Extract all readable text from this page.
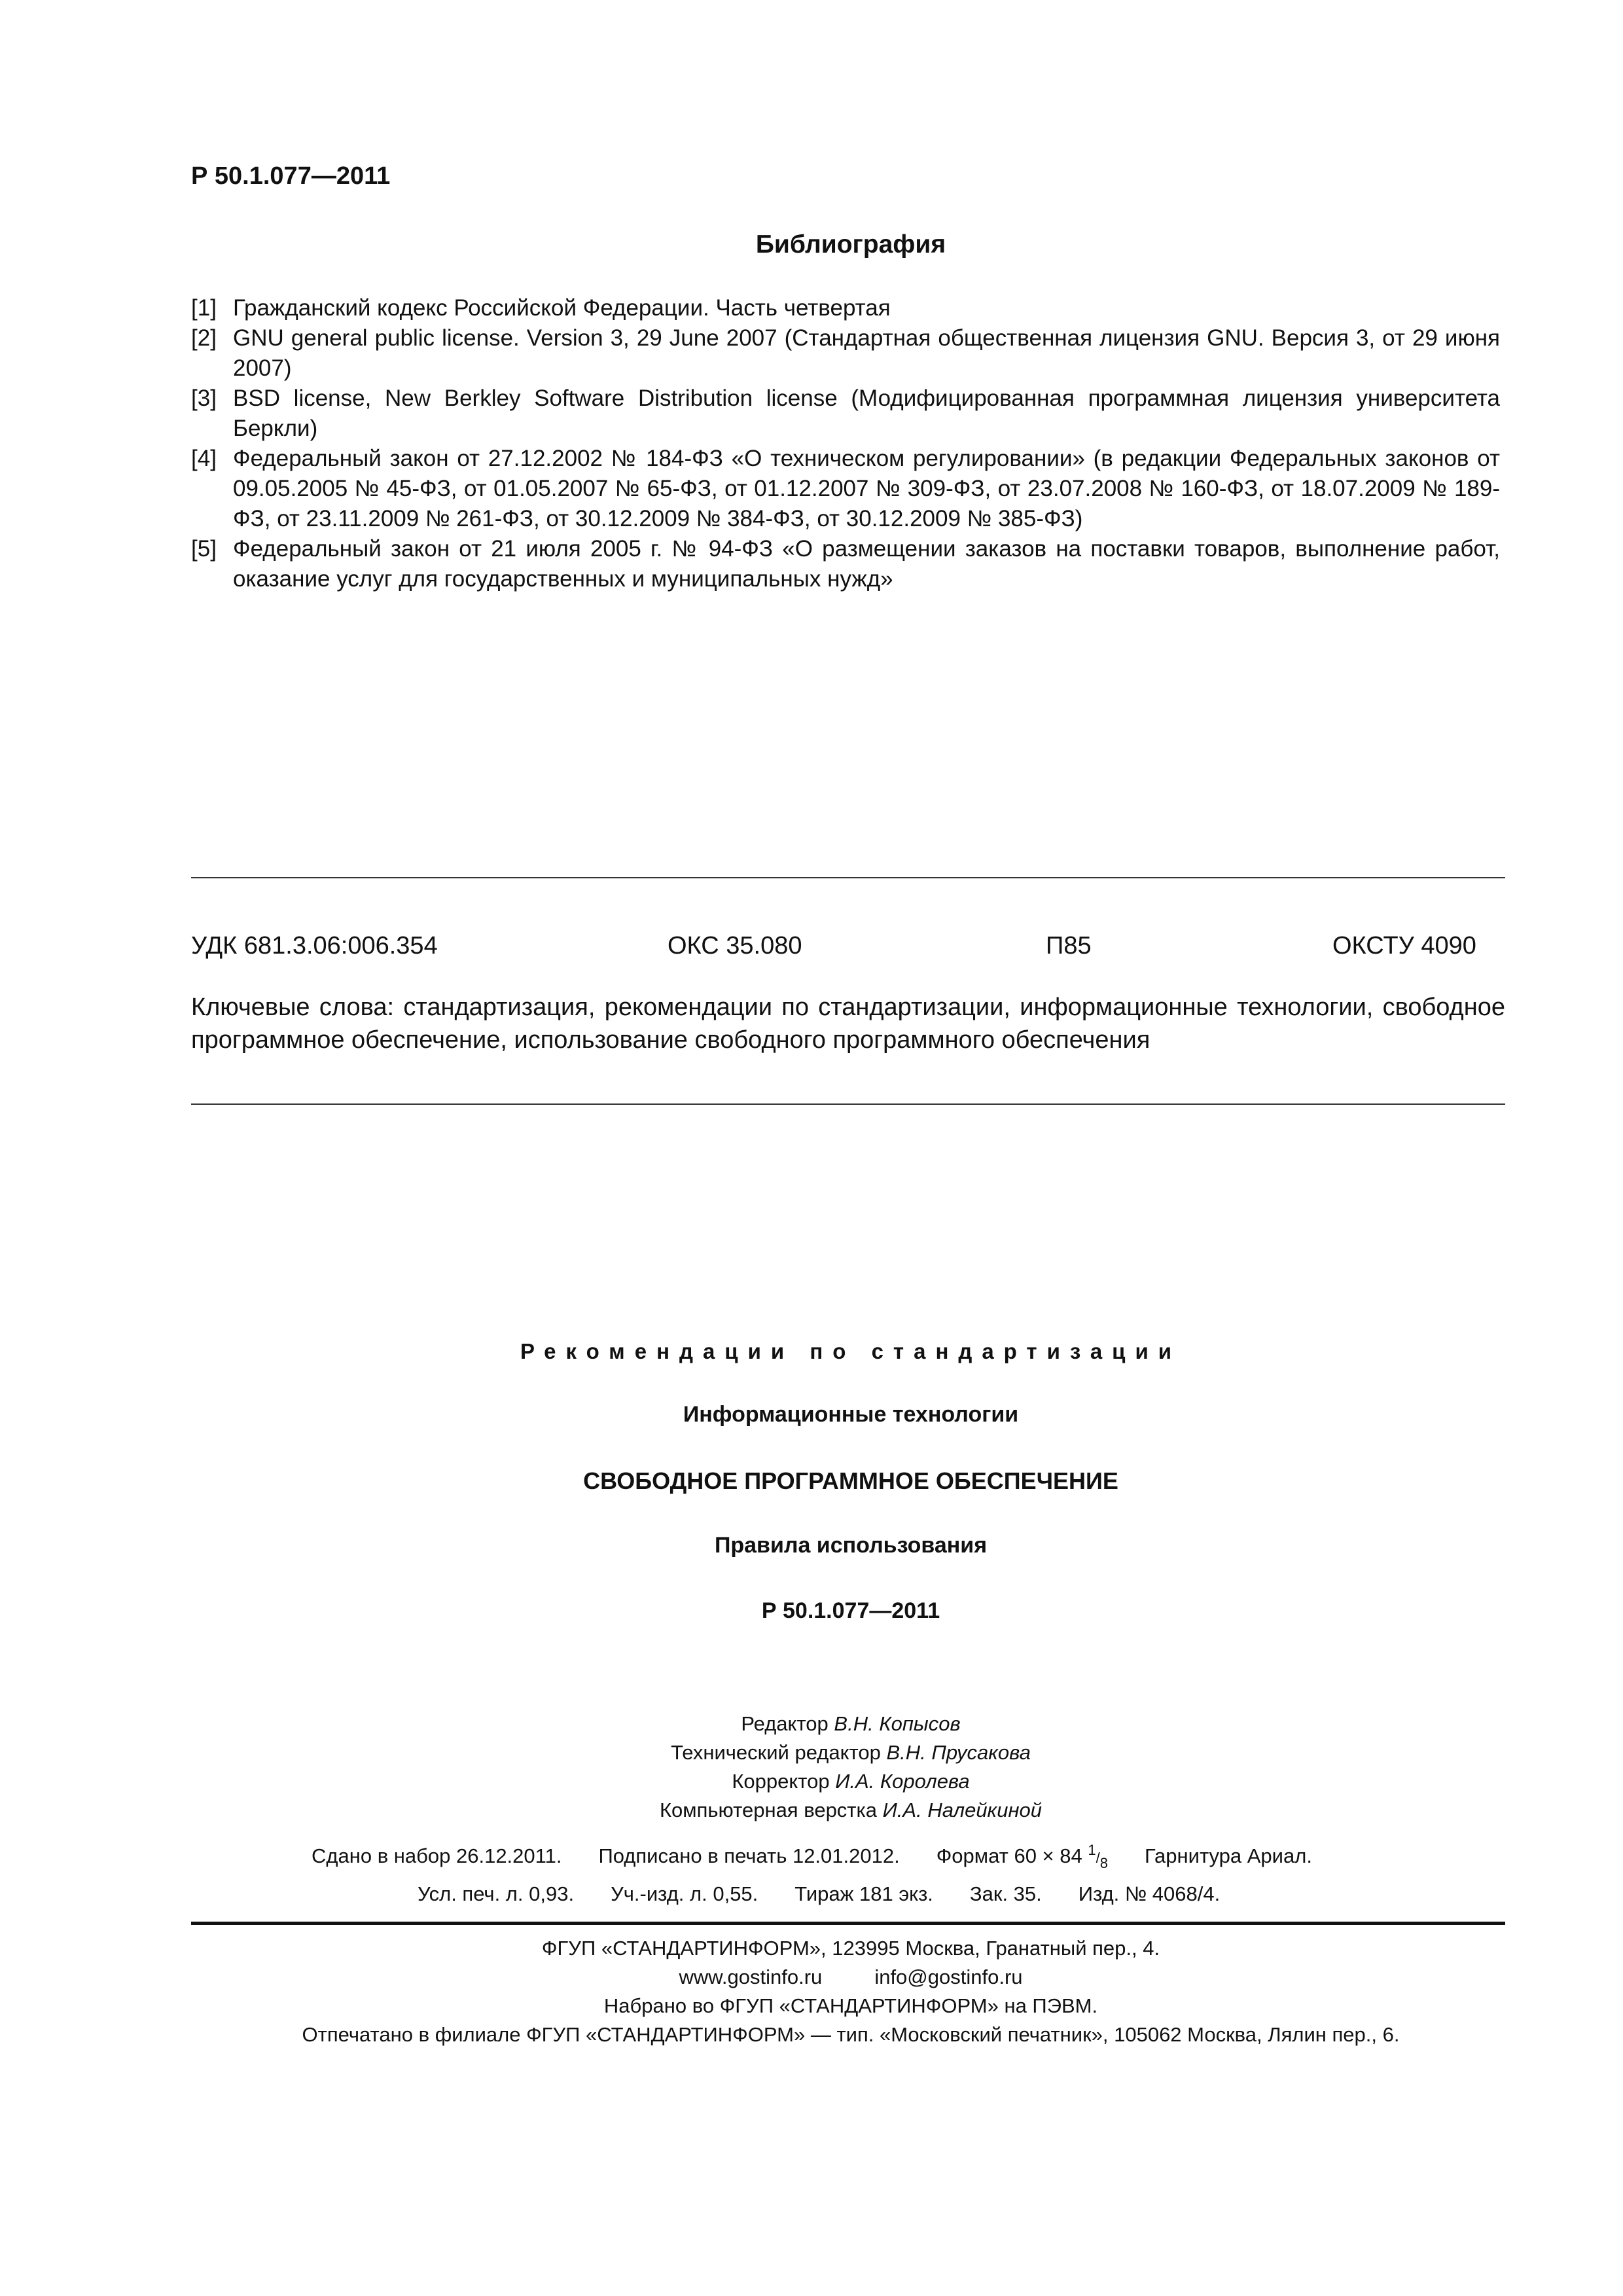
Р 50.1.077—2011
Библиография
[1] Гражданский кодекс Российской Федерации. Часть четвертая
[2] GNU general public license. Version 3, 29 June 2007 (Стандартная общественная лицензия GNU. Версия 3, от 29 июня 2007)
[3] BSD license, New Berkley Software Distribution license (Модифицированная программная лицензия университета Беркли)
[4] Федеральный закон от 27.12.2002 № 184-ФЗ «О техническом регулировании» (в редакции Федеральных законов от 09.05.2005 № 45-ФЗ, от 01.05.2007 № 65-ФЗ, от 01.12.2007 № 309-ФЗ, от 23.07.2008 № 160-ФЗ, от 18.07.2009 № 189-ФЗ, от 23.11.2009 № 261-ФЗ, от 30.12.2009 № 384-ФЗ, от 30.12.2009 № 385-ФЗ)
[5] Федеральный закон от 21 июля 2005 г. № 94-ФЗ «О размещении заказов на поставки товаров, выполнение работ, оказание услуг для государственных и муниципальных нужд»
УДК 681.3.06:006.354	ОКС 35.080	П85	ОКСТУ 4090
Ключевые слова: стандартизация, рекомендации по стандартизации, информационные технологии, свободное программное обеспечение, использование свободного программного обеспечения
Рекомендации по стандартизации
Информационные технологии
СВОБОДНОЕ ПРОГРАММНОЕ ОБЕСПЕЧЕНИЕ
Правила использования
Р 50.1.077—2011
Редактор В.Н. Копысов
Технический редактор В.Н. Прусакова
Корректор И.А. Королева
Компьютерная верстка И.А. Налейкиной
Сдано в набор 26.12.2011. Подписано в печать 12.01.2012. Формат 60 × 84 1/8 Гарнитура Ариал.
Усл. печ. л. 0,93. Уч.-изд. л. 0,55. Тираж 181 экз. Зак. 35. Изд. № 4068/4.
ФГУП «СТАНДАРТИНФОРМ», 123995 Москва, Гранатный пер., 4.
www.gostinfo.ru	info@gostinfo.ru
Набрано во ФГУП «СТАНДАРТИНФОРМ» на ПЭВМ.
Отпечатано в филиале ФГУП «СТАНДАРТИНФОРМ» — тип. «Московский печатник», 105062 Москва, Лялин пер., 6.
